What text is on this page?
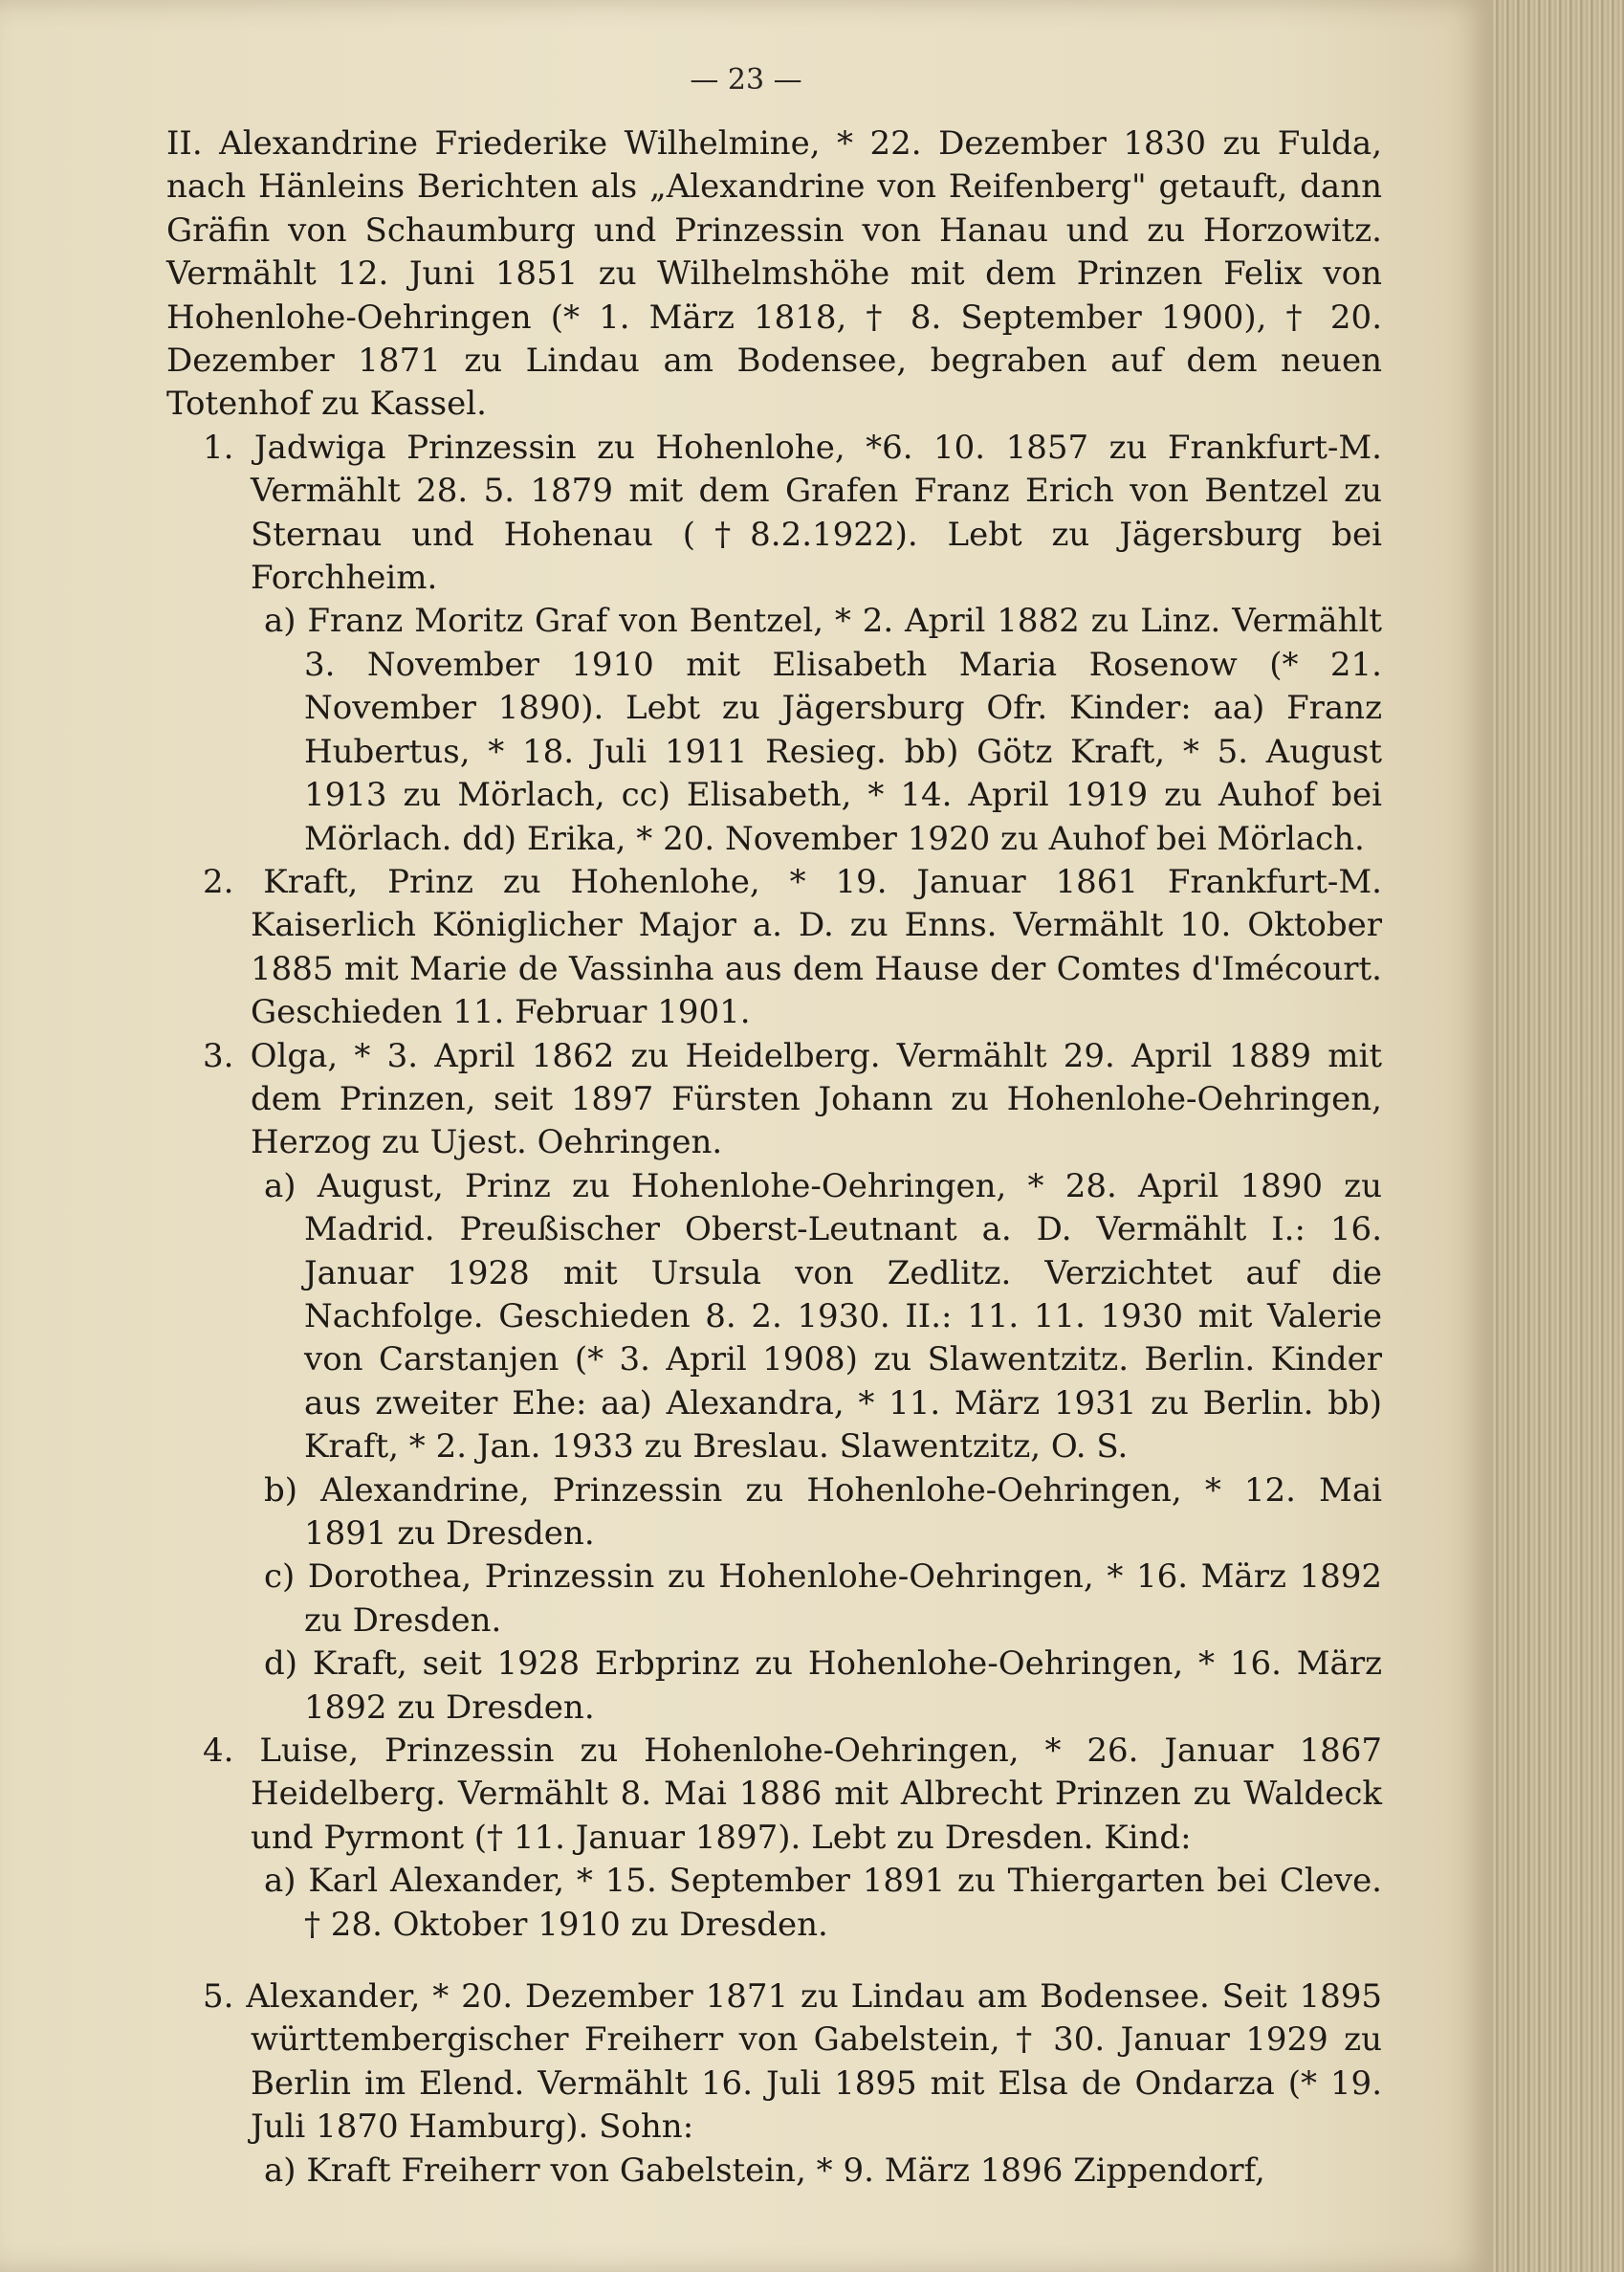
— 23 —

II. Alexandrine Friederike Wilhelmine, * 22. Dezember 1830 zu Fulda, nach Hänleins Berichten als „Alexandrine von Reifenberg" getauft, dann Gräfin von Schaumburg und Prinzessin von Hanau und zu Horzowitz. Vermählt 12. Juni 1851 zu Wilhelmshöhe mit dem Prinzen Felix von Hohenlohe-Oehringen (* 1. März 1818, † 8. September 1900), † 20. Dezember 1871 zu Lindau am Bodensee, begraben auf dem neuen Totenhof zu Kassel.

1. Jadwiga Prinzessin zu Hohenlohe, *6. 10. 1857 zu Frankfurt-M. Vermählt 28. 5. 1879 mit dem Grafen Franz Erich von Bentzel zu Sternau und Hohenau (†8.2.1922). Lebt zu Jägersburg bei Forchheim.

a) Franz Moritz Graf von Bentzel, * 2. April 1882 zu Linz. Vermählt 3. November 1910 mit Elisabeth Maria Rosenow (* 21. November 1890). Lebt zu Jägersburg Ofr. Kinder: aa) Franz Hubertus, * 18. Juli 1911 Resieg. bb) Götz Kraft, * 5. August 1913 zu Mörlach, cc) Elisabeth, * 14. April 1919 zu Auhof bei Mörlach. dd) Erika, * 20. November 1920 zu Auhof bei Mörlach.

2. Kraft, Prinz zu Hohenlohe, * 19. Januar 1861 Frankfurt-M. Kaiserlich Königlicher Major a. D. zu Enns. Vermählt 10. Oktober 1885 mit Marie de Vassinha aus dem Hause der Comtes d'Imécourt. Geschieden 11. Februar 1901.

3. Olga, * 3. April 1862 zu Heidelberg. Vermählt 29. April 1889 mit dem Prinzen, seit 1897 Fürsten Johann zu Hohenlohe-Oehringen, Herzog zu Ujest. Oehringen.

a) August, Prinz zu Hohenlohe-Oehringen, * 28. April 1890 zu Madrid. Preußischer Oberst-Leutnant a. D. Vermählt I.: 16. Januar 1928 mit Ursula von Zedlitz. Verzichtet auf die Nachfolge. Geschieden 8. 2. 1930. II.: 11. 11. 1930 mit Valerie von Carstanjen (* 3. April 1908) zu Slawentzitz. Berlin. Kinder aus zweiter Ehe: aa) Alexandra, * 11. März 1931 zu Berlin. bb) Kraft, * 2. Jan. 1933 zu Breslau. Slawentzitz, O. S.

b) Alexandrine, Prinzessin zu Hohenlohe-Oehringen, * 12. Mai 1891 zu Dresden.

c) Dorothea, Prinzessin zu Hohenlohe-Oehringen, * 16. März 1892 zu Dresden.

d) Kraft, seit 1928 Erbprinz zu Hohenlohe-Oehringen, * 16. März 1892 zu Dresden.

4. Luise, Prinzessin zu Hohenlohe-Oehringen, * 26. Januar 1867 Heidelberg. Vermählt 8. Mai 1886 mit Albrecht Prinzen zu Waldeck und Pyrmont († 11. Januar 1897). Lebt zu Dresden. Kind:

a) Karl Alexander, * 15. September 1891 zu Thiergarten bei Cleve. † 28. Oktober 1910 zu Dresden.

5. Alexander, * 20. Dezember 1871 zu Lindau am Bodensee. Seit 1895 württembergischer Freiherr von Gabelstein, † 30. Januar 1929 zu Berlin im Elend. Vermählt 16. Juli 1895 mit Elsa de Ondarza (* 19. Juli 1870 Hamburg). Sohn:

a) Kraft Freiherr von Gabelstein, * 9. März 1896 Zippendorf,
